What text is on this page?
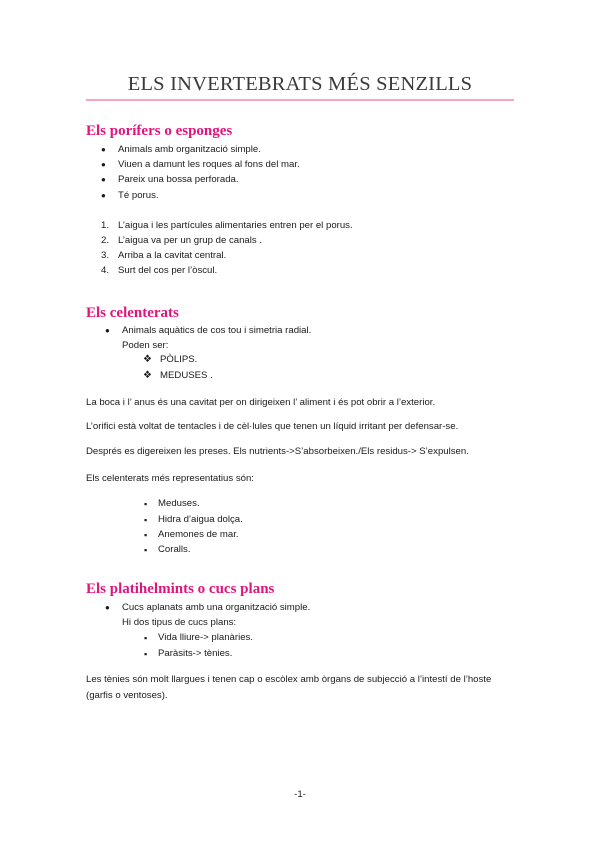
ELS INVERTEBRATS MÉS SENZILLS
Els porífers o esponges

● Animals amb organització simple.

● Viuen a damunt les roques al fons del mar.

● Pareix una bossa perforada.

● Té porus.

1. L’aigua i les partícules alimentaries entren per el porus.
2. L’aigua va per un grup de canals .
3. Arriba a la cavitat central.
4. Surt del cos per l’òscul.
Els celenterats

● Animals aquàtics de cos tou i simetria radial.

Poden ser:

❖ PÒLIPS.

❖ MEDUSES .

La boca i l’ anus és una cavitat per on dirigeixen l’ aliment i és pot obrir a l’exterior.

L’orifici està voltat de tentacles i de cèl·lules que tenen un líquid irritant per defensar-se.

Després es digereixen les preses. Els nutrients->S’absorbeixen./Els residus-> S’expulsen.

Els celenterats més representatius són:

▪ Meduses.

▪ Hidra d’aigua dolça.

▪ Anemones de mar.

▪ Coralls.

Els platihelmints o cucs plans

● Cucs aplanats amb una organització simple.

Hi dos tipus de cucs plans:

▪ Vida lliure-> planàries.

▪ Paràsits-> tènies.

Les tènies són molt llargues i tenen cap o escòlex amb òrgans de subjecció a l’intestí de l’hoste

(garfis o ventoses).

-1-
